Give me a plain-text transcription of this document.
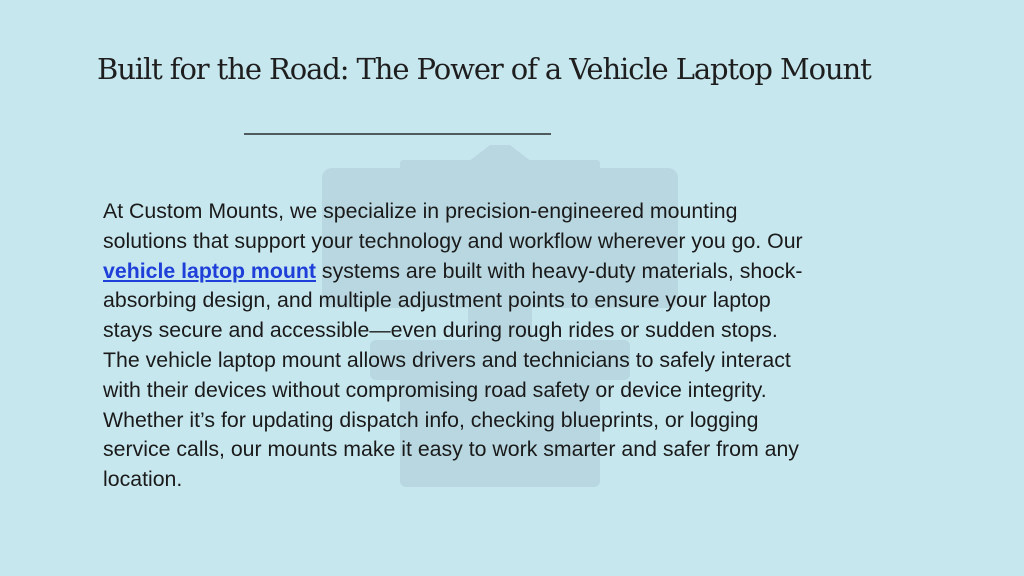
Built for the Road: The Power of a Vehicle Laptop Mount

At Custom Mounts, we specialize in precision-engineered mounting
solutions that support your technology and workflow wherever you go. Our
vehicle laptop mount systems are built with heavy-duty materials, shock-
absorbing design, and multiple adjustment points to ensure your laptop
stays secure and accessible—even during rough rides or sudden stops.
The vehicle laptop mount allows drivers and technicians to safely interact
with their devices without compromising road safety or device integrity.
Whether it’s for updating dispatch info, checking blueprints, or logging
service calls, our mounts make it easy to work smarter and safer from any
location.
